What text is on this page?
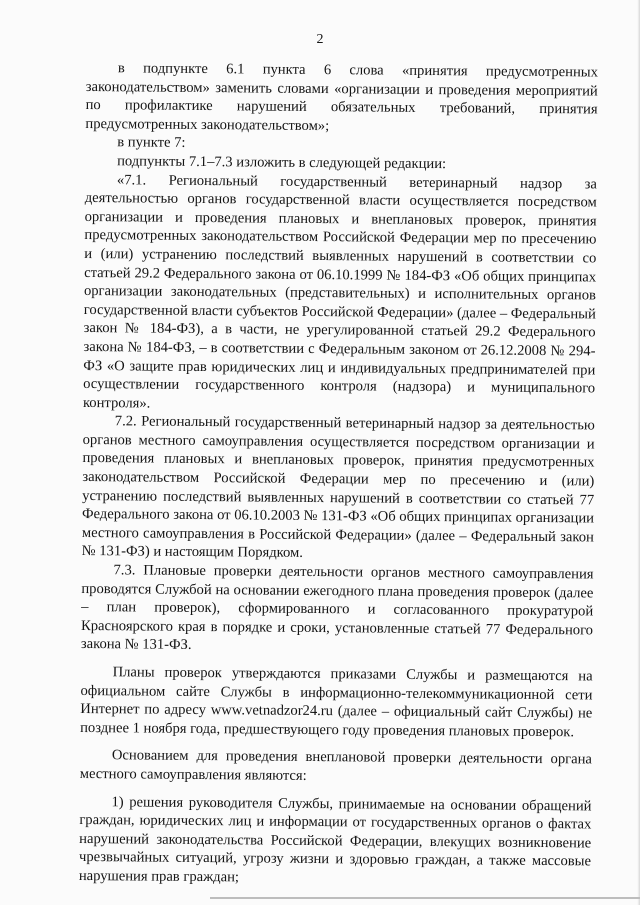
2

в подпункте 6.1 пункта 6 слова «принятия предусмотренных законодательством» заменить словами «организации и проведения мероприятий по профилактике нарушений обязательных требований, принятия предусмотренных законодательством»;

в пункте 7:

подпункты 7.1–7.3 изложить в следующей редакции:

«7.1. Региональный государственный ветеринарный надзор за деятельностью органов государственной власти осуществляется посредством организации и проведения плановых и внеплановых проверок, принятия предусмотренных законодательством Российской Федерации мер по пресечению и (или) устранению последствий выявленных нарушений в соответствии со статьей 29.2 Федерального закона от 06.10.1999 № 184-ФЗ «Об общих принципах организации законодательных (представительных) и исполнительных органов государственной власти субъектов Российской Федерации» (далее – Федеральный закон № 184-ФЗ), а в части, не урегулированной статьей 29.2 Федерального закона № 184-ФЗ, – в соответствии с Федеральным законом от 26.12.2008 № 294-ФЗ «О защите прав юридических лиц и индивидуальных предпринимателей при осуществлении государственного контроля (надзора) и муниципального контроля».

7.2. Региональный государственный ветеринарный надзор за деятельностью органов местного самоуправления осуществляется посредством организации и проведения плановых и внеплановых проверок, принятия предусмотренных законодательством Российской Федерации мер по пресечению и (или) устранению последствий выявленных нарушений в соответствии со статьей 77 Федерального закона от 06.10.2003 № 131-ФЗ «Об общих принципах организации местного самоуправления в Российской Федерации» (далее – Федеральный закон № 131-ФЗ) и настоящим Порядком.

7.3. Плановые проверки деятельности органов местного самоуправления проводятся Службой на основании ежегодного плана проведения проверок (далее – план проверок), сформированного и согласованного прокуратурой Красноярского края в порядке и сроки, установленные статьей 77 Федерального закона № 131-ФЗ.

Планы проверок утверждаются приказами Службы и размещаются на официальном сайте Службы в информационно-телекоммуникационной сети Интернет по адресу www.vetnadzor24.ru (далее – официальный сайт Службы) не позднее 1 ноября года, предшествующего году проведения плановых проверок.

Основанием для проведения внеплановой проверки деятельности органа местного самоуправления являются:

1) решения руководителя Службы, принимаемые на основании обращений граждан, юридических лиц и информации от государственных органов о фактах нарушений законодательства Российской Федерации, влекущих возникновение чрезвычайных ситуаций, угрозу жизни и здоровью граждан, а также массовые нарушения прав граждан;
